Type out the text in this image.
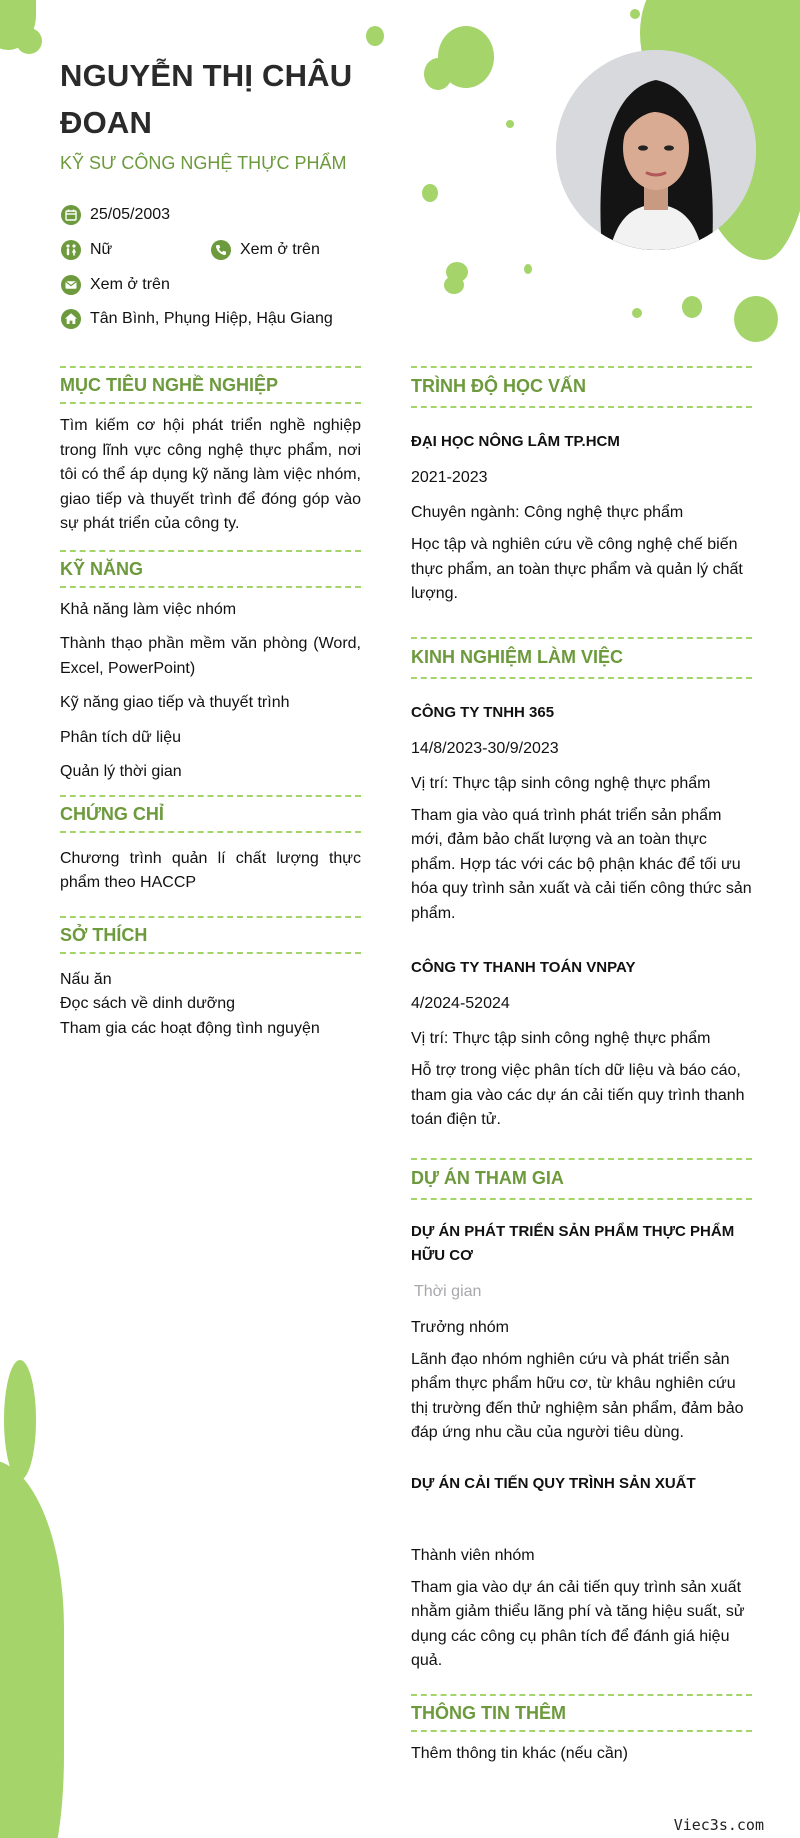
NGUYỄN THỊ CHÂU ĐOAN
KỸ SƯ CÔNG NGHỆ THỰC PHẨM
25/05/2003
Nữ	Xem ở trên
Xem ở trên
Tân Bình, Phụng Hiệp, Hậu Giang
MỤC TIÊU NGHỀ NGHIỆP
Tìm kiếm cơ hội phát triển nghề nghiệp trong lĩnh vực công nghệ thực phẩm, nơi tôi có thể áp dụng kỹ năng làm việc nhóm, giao tiếp và thuyết trình để đóng góp vào sự phát triển của công ty.
KỸ NĂNG
Khả năng làm việc nhóm
Thành thạo phần mềm văn phòng (Word, Excel, PowerPoint)
Kỹ năng giao tiếp và thuyết trình
Phân tích dữ liệu
Quản lý thời gian
CHỨNG CHỈ
Chương trình quản lí chất lượng thực phẩm theo HACCP
SỞ THÍCH
Nấu ăn
Đọc sách về dinh dưỡng
Tham gia các hoạt động tình nguyện
TRÌNH ĐỘ HỌC VẤN
ĐẠI HỌC NÔNG LÂM TP.HCM
2021-2023
Chuyên ngành: Công nghệ thực phẩm
Học tập và nghiên cứu về công nghệ chế biến thực phẩm, an toàn thực phẩm và quản lý chất lượng.
KINH NGHIỆM LÀM VIỆC
CÔNG TY TNHH 365
14/8/2023-30/9/2023
Vị trí: Thực tập sinh công nghệ thực phẩm
Tham gia vào quá trình phát triển sản phẩm mới, đảm bảo chất lượng và an toàn thực phẩm. Hợp tác với các bộ phận khác để tối ưu hóa quy trình sản xuất và cải tiến công thức sản phẩm.
CÔNG TY THANH TOÁN VNPAY
4/2024-52024
Vị trí: Thực tập sinh công nghệ thực phẩm
Hỗ trợ trong việc phân tích dữ liệu và báo cáo, tham gia vào các dự án cải tiến quy trình thanh toán điện tử.
DỰ ÁN THAM GIA
DỰ ÁN PHÁT TRIỂN SẢN PHẨM THỰC PHẨM HỮU CƠ
Thời gian
Trưởng nhóm
Lãnh đạo nhóm nghiên cứu và phát triển sản phẩm thực phẩm hữu cơ, từ khâu nghiên cứu thị trường đến thử nghiệm sản phẩm, đảm bảo đáp ứng nhu cầu của người tiêu dùng.
DỰ ÁN CẢI TIẾN QUY TRÌNH SẢN XUẤT
Thành viên nhóm
Tham gia vào dự án cải tiến quy trình sản xuất nhằm giảm thiểu lãng phí và tăng hiệu suất, sử dụng các công cụ phân tích để đánh giá hiệu quả.
THÔNG TIN THÊM
Thêm thông tin khác (nếu cần)
Viec3s.com
